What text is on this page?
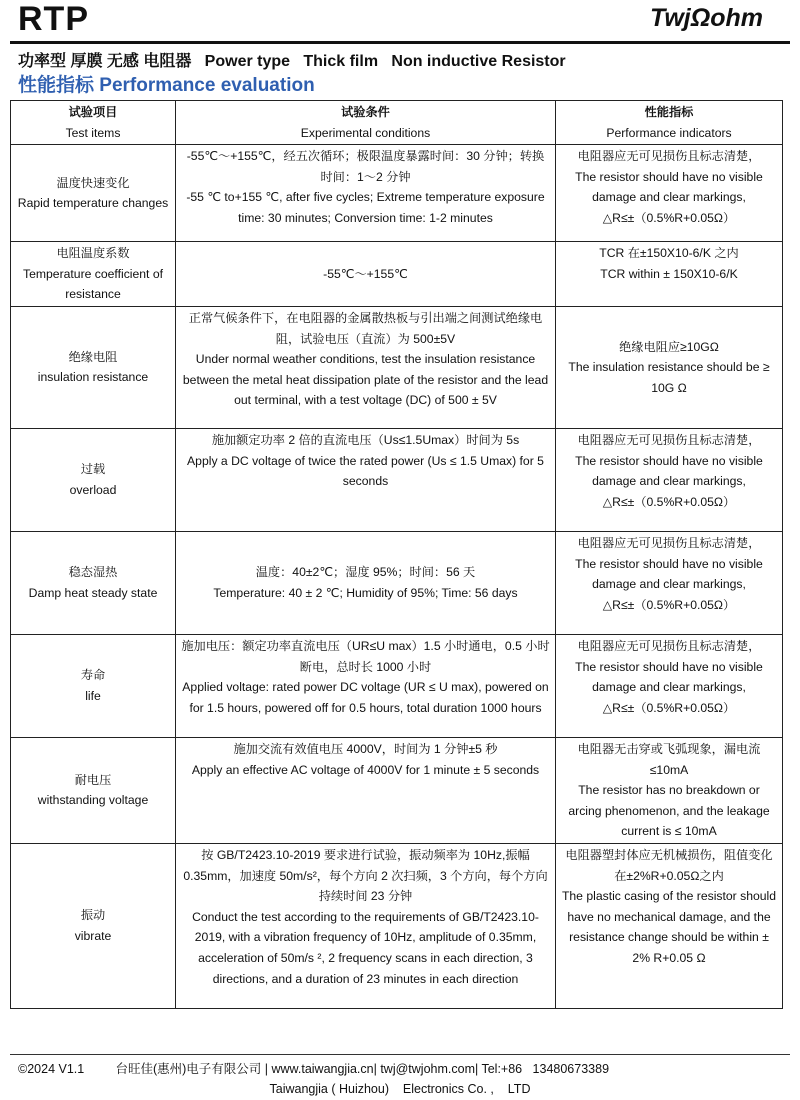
RTP	TwjΩohm
功率型 厚膜 无感 电阻器   Power type   Thick film   Non inductive Resistor
性能指标 Performance evaluation
试验项目
Test items	试验条件
Experimental conditions	性能指标
Performance indicators

温度快速变化
Rapid temperature changes	-55℃～+155℃，经五次循环；极限温度暴露时间：30 分钟；转换时间：1～2 分钟
-55 ℃ to+155 ℃, after five cycles; Extreme temperature exposure time: 30 minutes; Conversion time: 1-2 minutes	电阻器应无可见损伤且标志清楚，
The resistor should have no visible damage and clear markings,
△R≤±（0.5%R+0.05Ω）

电阻温度系数
Temperature coefficient of resistance	-55℃～+155℃	TCR 在±150X10-6/K 之内
TCR within ± 150X10-6/K

绝缘电阻
insulation resistance	正常气候条件下，在电阻器的金属散热板与引出端之间测试绝缘电阻，试验电压（直流）为 500±5V
Under normal weather conditions, test the insulation resistance between the metal heat dissipation plate of the resistor and the lead out terminal, with a test voltage (DC) of 500 ± 5V	绝缘电阻应≥10GΩ
The insulation resistance should be ≥ 10G Ω

过载
overload	施加额定功率 2 倍的直流电压（Us≤1.5Umax）时间为 5s
Apply a DC voltage of twice the rated power (Us ≤ 1.5 Umax) for 5 seconds	电阻器应无可见损伤且标志清楚，
The resistor should have no visible damage and clear markings,
△R≤±（0.5%R+0.05Ω）

稳态湿热
Damp heat steady state	温度：40±2℃；湿度 95%；时间：56 天
Temperature: 40 ± 2 ℃; Humidity of 95%; Time: 56 days	电阻器应无可见损伤且标志清楚，
The resistor should have no visible damage and clear markings,
△R≤±（0.5%R+0.05Ω）

寿命
life	施加电压：额定功率直流电压（UR≤U max）1.5 小时通电，0.5 小时断电，总时长 1000 小时
Applied voltage: rated power DC voltage (UR ≤ U max), powered on for 1.5 hours, powered off for 0.5 hours, total duration 1000 hours	电阻器应无可见损伤且标志清楚，
The resistor should have no visible damage and clear markings,
△R≤±（0.5%R+0.05Ω）

耐电压
withstanding voltage	施加交流有效值电压 4000V，时间为 1 分钟±5 秒
Apply an effective AC voltage of 4000V for 1 minute ± 5 seconds	电阻器无击穿或飞弧现象，漏电流≤10mA
The resistor has no breakdown or arcing phenomenon, and the leakage current is ≤ 10mA

振动
vibrate	按 GB/T2423.10-2019 要求进行试验，振动频率为 10Hz,振幅 0.35mm，加速度 50m/s²，每个方向 2 次扫频，3 个方向，每个方向持续时间 23 分钟
Conduct the test according to the requirements of GB/T2423.10-2019, with a vibration frequency of 10Hz, amplitude of 0.35mm, acceleration of 50m/s ², 2 frequency scans in each direction, 3 directions, and a duration of 23 minutes in each direction	电阻器塑封体应无机械损伤，阻值变化在±2%R+0.05Ω之内
The plastic casing of the resistor should have no mechanical damage, and the resistance change should be within ± 2% R+0.05 Ω
©2024 V1.1         台旺佳(惠州)电子有限公司 | www.taiwangjia.cn| twj@twjohm.com| Tel:+86   13480673389
Taiwangjia ( Huizhou)    Electronics Co. ,    LTD
